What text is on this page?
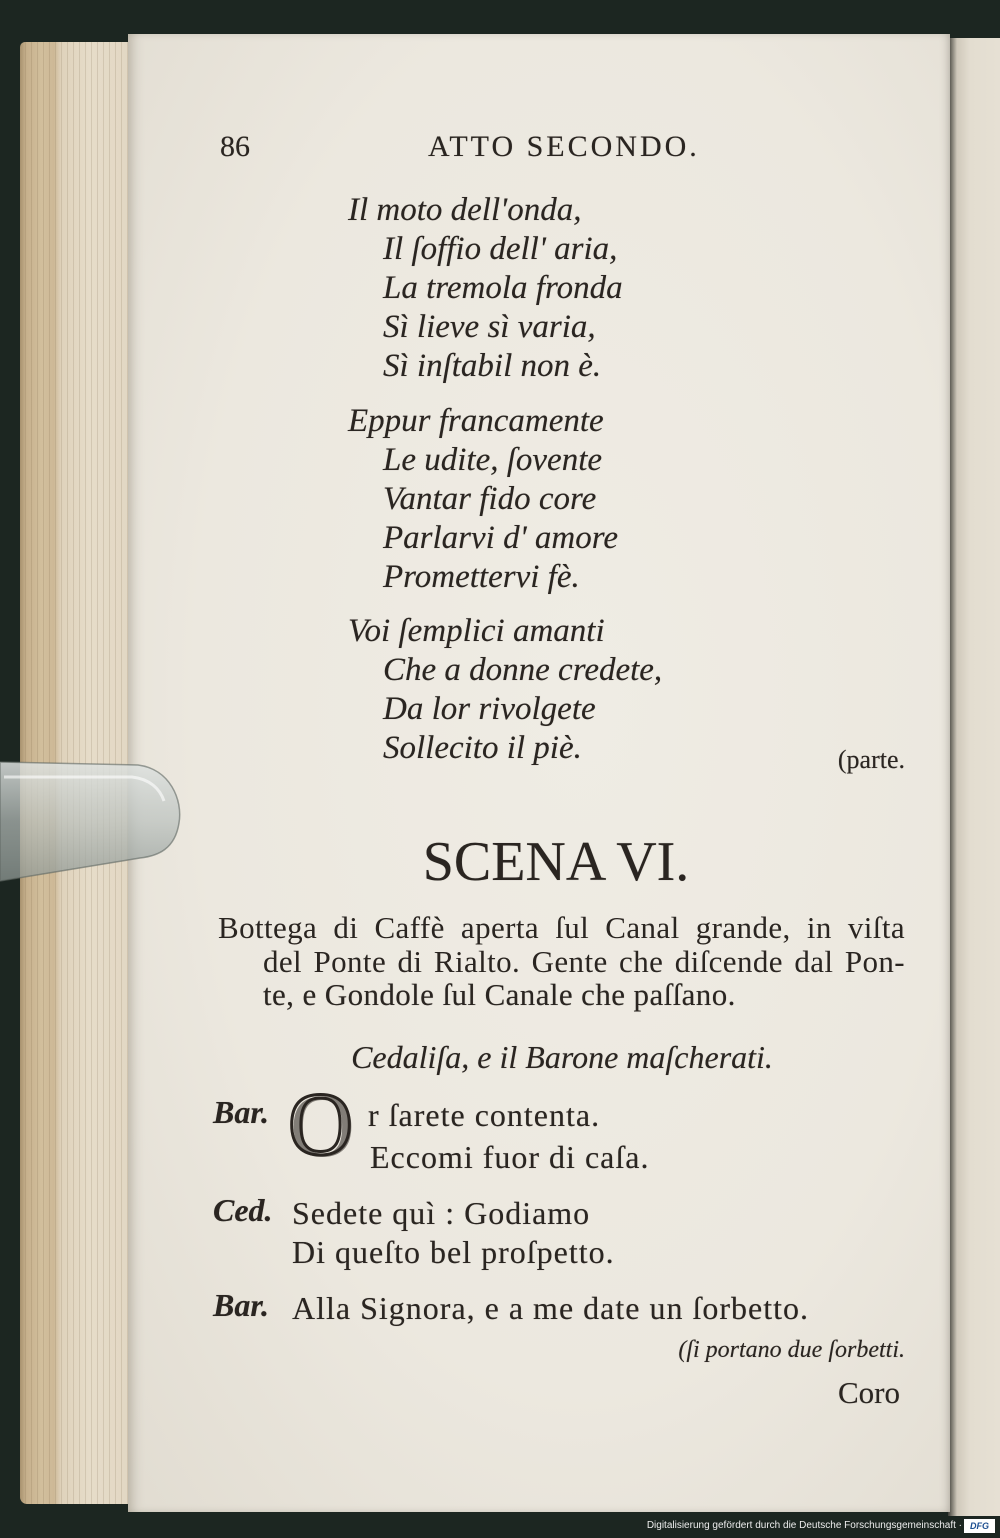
86	ATTO SECONDO.
Il moto dell'onda,
Il ſoffio dell' aria,
La tremola fronda
Sì lieve sì varia,
Sì inſtabil non è.
Eppur francamente
Le udite, ſovente
Vantar fido core
Parlarvi d' amore
Promettervi fè.
Voi ſemplici amanti
Che a donne credete,
Da lor rivolgete
Sollecito il piè.	(parte.
SCENA VI.
Bottega di Caffè aperta ſul Canal grande, in viſta
del Ponte di Rialto. Gente che diſcende dal Pon-
te, e Gondole ſul Canale che paſſano.
Cedaliſa, e il Barone maſcherati.
Bar. O r ſarete contenta.
Eccomi fuor di caſa.
Ced. Sedete quì : Godiamo
Di queſto bel proſpetto.
Bar. Alla Signora, e a me date un ſorbetto.
(ſi portano due ſorbetti.
Coro
Digitalisierung gefördert durch die Deutsche Forschungsgemeinschaft · DFG
